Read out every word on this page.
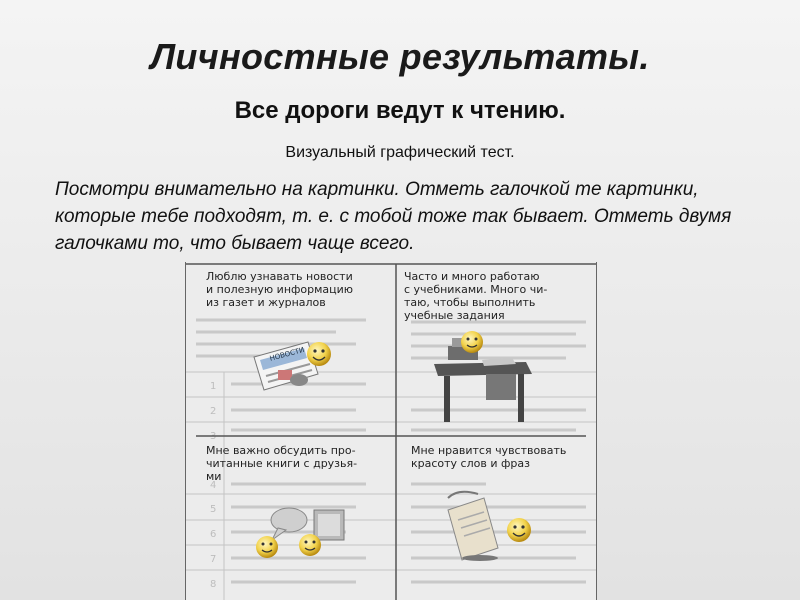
Личностные результаты.
Все дороги ведут к чтению.
Визуальный графический тест.
Посмотри внимательно на картинки. Отметь галочкой те картинки, которые тебе подходят, т. е. с тобой тоже так бывает. Отметь двумя галочками то, что бывает чаще всего.
1
2
3
4
5
6
7
8
НОВОСТИ
Люблю узнавать новости
и полезную информацию
из газет и журналов
Часто и много работаю
с учебниками. Много чи-
таю, чтобы выполнить
учебные задания
Мне важно обсудить про-
читанные книги с друзья-
ми
Мне нравится чувствовать
красоту слов и фраз
